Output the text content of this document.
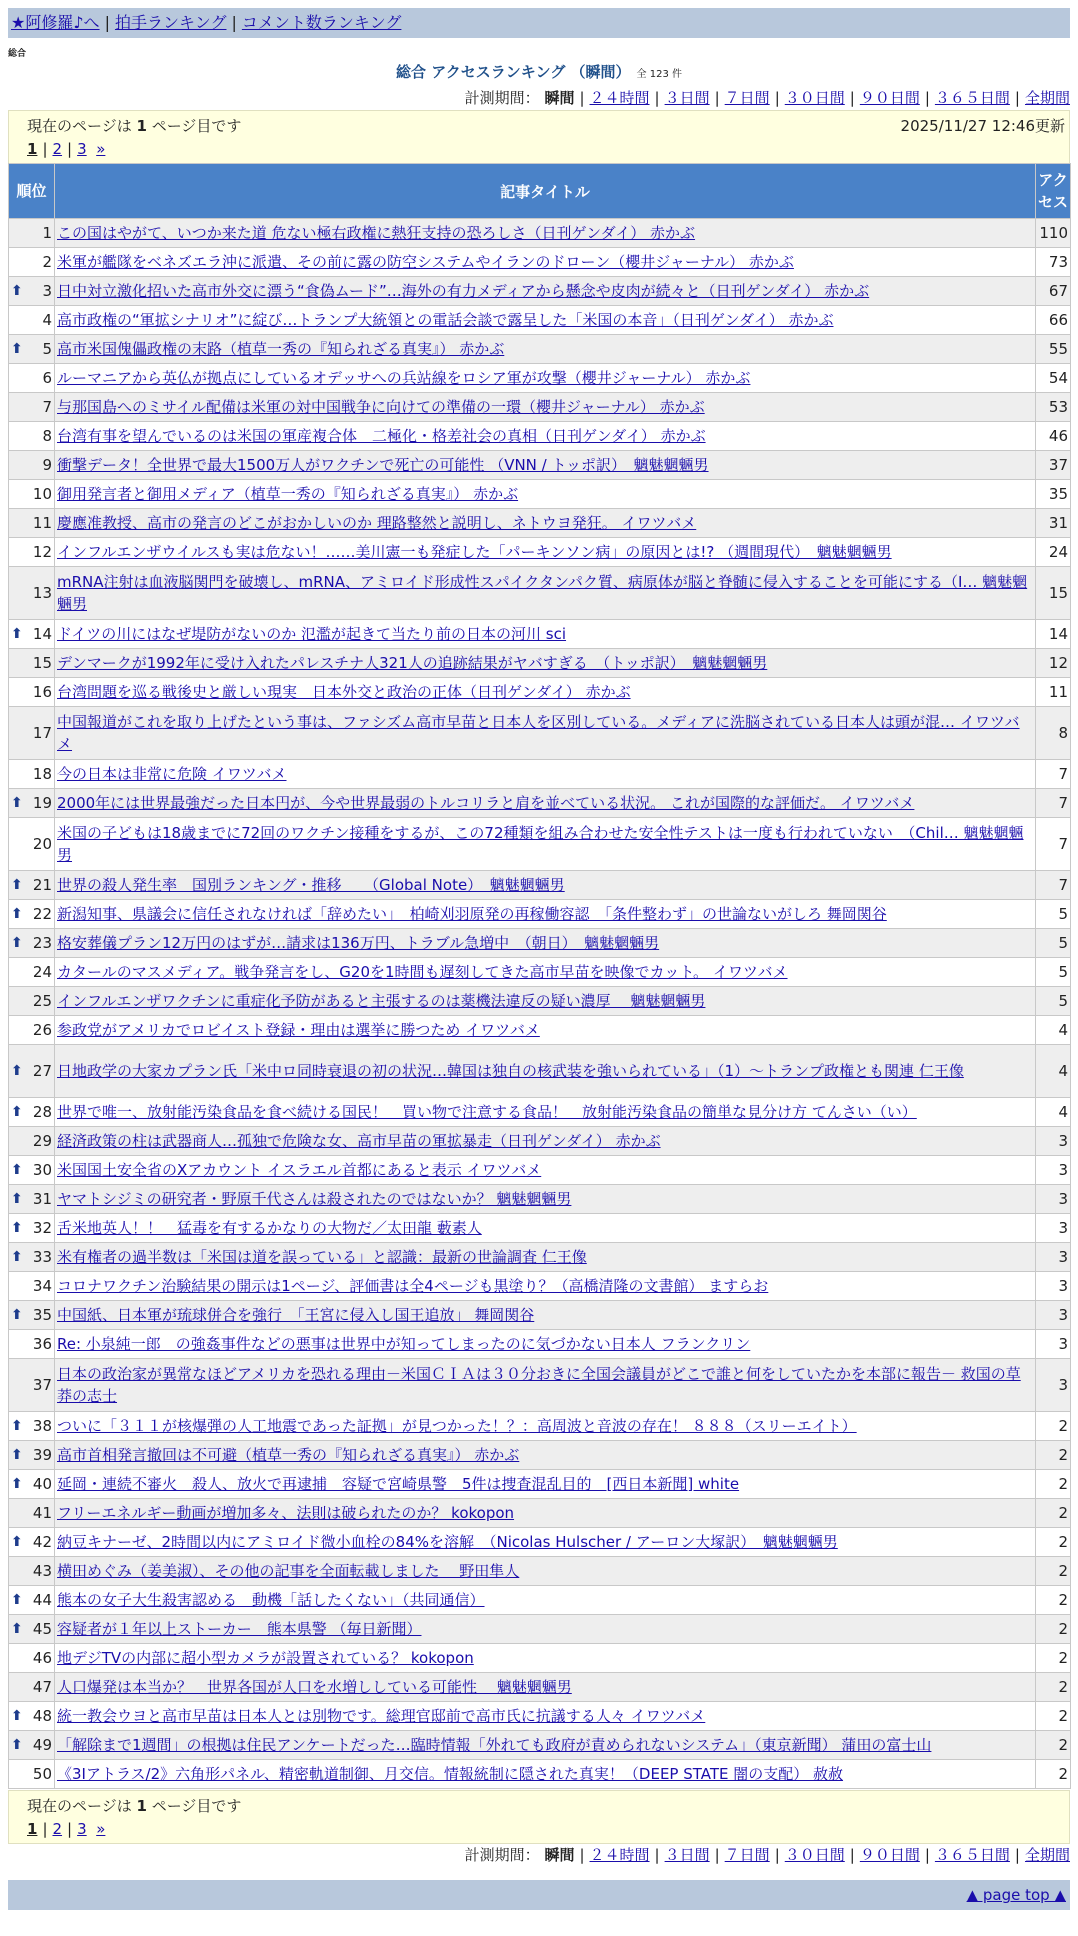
★阿修羅♪へ | 拍手ランキング | コメント数ランキング
総合
総合 アクセスランキング （瞬間） 全 123 件
計測期間： 瞬間 | ２４時間 | ３日間 | ７日間 | ３０日間 | ９０日間 | ３６５日間 | 全期間
現在のページは 1 ページ目です	2025/11/27 12:46更新
1 | 2 | 3 »
順位	記事タイトル	アクセス
1	この国はやがて、いつか来た道 危ない極右政権に熱狂支持の恐ろしさ（日刊ゲンダイ） 赤かぶ	110
2	米軍が艦隊をベネズエラ沖に派遣、その前に露の防空システムやイランのドローン（櫻井ジャーナル） 赤かぶ	73

⬆ 3	日中対立激化招いた高市外交に漂う“食偽ムード”…海外の有力メディアから懸念や皮肉が続々と（日刊ゲンダイ） 赤かぶ	67
4	高市政権の“軍拡シナリオ”に綻び…トランプ大統領との電話会談で露呈した「米国の本音」（日刊ゲンダイ） 赤かぶ	66

⬆ 5	高市米国傀儡政権の末路（植草一秀の『知られざる真実』） 赤かぶ	55
6	ルーマニアから英仏が拠点にしているオデッサへの兵站線をロシア軍が攻撃（櫻井ジャーナル） 赤かぶ	54
7	与那国島へのミサイル配備は米軍の対中国戦争に向けての準備の一環（櫻井ジャーナル） 赤かぶ	53
8	台湾有事を望んでいるのは米国の軍産複合体　二極化・格差社会の真相（日刊ゲンダイ） 赤かぶ	46
9	衝撃データ！全世界で最大1500万人がワクチンで死亡の可能性 （VNN / トッポ訳）　魑魅魍魎男	37
10	御用発言者と御用メディア（植草一秀の『知られざる真実』） 赤かぶ	35
11	慶應准教授、高市の発言のどこがおかしいのか 理路整然と説明し、ネトウヨ発狂。 イワツバメ	31
12	インフルエンザウイルスも実は危ない！……美川憲一も発症した「パーキンソン病」の原因とは!? （週間現代）　魑魅魍魎男	24
13	mRNA注射は血液脳関門を破壊し、mRNA、アミロイド形成性スパイクタンパク質、病原体が脳と脊髄に侵入することを可能にする（I… 魑魅魍魎男	15

⬆ 14	ドイツの川にはなぜ堤防がないのか 氾濫が起きて当たり前の日本の河川 sci	14
15	デンマークが1992年に受け入れたパレスチナ人321人の追跡結果がヤバすぎる　（トッポ訳）　魑魅魍魎男	12
16	台湾問題を巡る戦後史と厳しい現実　日本外交と政治の正体（日刊ゲンダイ） 赤かぶ	11
17	中国報道がこれを取り上げたという事は、ファシズム高市早苗と日本人を区別している。メディアに洗脳されている日本人は頭が混… イワツバメ	8
18	今の日本は非常に危険 イワツバメ	7

⬆ 19	2000年には世界最強だった日本円が、今や世界最弱のトルコリラと肩を並べている状況。 これが国際的な評価だ。 イワツバメ	7
20	米国の子どもは18歳までに72回のワクチン接種をするが、この72種類を組み合わせた安全性テストは一度も行われていない　（Chil… 魑魅魍魎男	7

⬆ 21	世界の殺人発生率　国別ランキング・推移　　（Global Note）　魑魅魍魎男	7

⬆ 22	新潟知事、県議会に信任されなければ「辞めたい」　柏崎刈羽原発の再稼働容認　「条件整わず」の世論ないがしろ 舞岡関谷	5

⬆ 23	格安葬儀プラン12万円のはずが…請求は136万円、トラブル急増中　（朝日）　魑魅魍魎男	5
24	カタールのマスメディア。戦争発言をし、G20を1時間も遅刻してきた高市早苗を映像でカット。 イワツバメ	5
25	インフルエンザワクチンに重症化予防があると主張するのは薬機法違反の疑い濃厚　 魑魅魍魎男	5
26	参政党がアメリカでロビイスト登録・理由は選挙に勝つため イワツバメ	4

⬆ 27	日地政学の大家カプラン氏「米中ロ同時衰退の初の状況…韓国は独自の核武装を強いられている」（1）～トランプ政権とも関連 仁王像	4

⬆ 28	世界で唯一、放射能汚染食品を食べ続ける国民！　買い物で注意する食品！　放射能汚染食品の簡単な見分け方 てんさい（い）	4
29	経済政策の柱は武器商人…孤独で危険な女、高市早苗の軍拡暴走（日刊ゲンダイ） 赤かぶ	3

⬆ 30	米国国土安全省のXアカウント イスラエル首都にあると表示 イワツバメ	3

⬆ 31	ヤマトシジミの研究者・野原千代さんは殺されたのではないか？ 魑魅魍魎男	3

⬆ 32	舌米地英人！！　猛毒を有するかなりの大物だ／太田龍 藪素人	3

⬆ 33	米有権者の過半数は「米国は道を誤っている」と認識：最新の世論調査 仁王像	3
34	コロナワクチン治験結果の開示は1ページ、評価書は全4ページも黒塗り？（高橋清隆の文書館） ますらお	3

⬆ 35	中国紙、日本軍が琉球併合を強行　「王宮に侵入し国王追放」 舞岡関谷	3
36	Re: 小泉純一郎　の強姦事件などの悪事は世界中が知ってしまったのに気づかない日本人 フランクリン	3
37	日本の政治家が異常なほどアメリカを恐れる理由－米国ＣＩＡは３０分おきに全国会議員がどこで誰と何をしていたかを本部に報告－ 救国の草莽の志士	3

⬆ 38	ついに「３１１が核爆弾の人工地震であった証拠」が見つかった！？：高周波と音波の存在！ ８８８（スリーエイト）	2

⬆ 39	高市首相発言撤回は不可避（植草一秀の『知られざる真実』） 赤かぶ	2

⬆ 40	延岡・連続不審火　殺人、放火で再逮捕　容疑で宮崎県警　5件は捜査混乱目的　[西日本新聞] white	2
41	フリーエネルギー動画が増加多々、法則は破られたのか？ kokopon	2

⬆ 42	納豆キナーゼ、2時間以内にアミロイド微小血栓の84%を溶解　（Nicolas Hulscher / アーロン大塚訳）　魑魅魍魎男	2
43	横田めぐみ（姜美淑）、その他の記事を全面転載しました　 野田隼人	2

⬆ 44	熊本の女子大生殺害認める　動機「話したくない」（共同通信）	2

⬆ 45	容疑者が１年以上ストーカー　熊本県警 （毎日新聞）	2
46	地デジTVの内部に超小型カメラが設置されている？ kokopon	2
47	人口爆発は本当か？　世界各国が人口を水増ししている可能性　 魑魅魍魎男	2

⬆ 48	統一教会ウヨと高市早苗は日本人とは別物です。総理官邸前で高市氏に抗議する人々 イワツバメ	2

⬆ 49	「解除まで1週間」の根拠は住民アンケートだった…臨時情報「外れても政府が責められないシステム」（東京新聞） 蒲田の富士山	2
50	《3Iアトラス/2》六角形パネル、精密軌道制御、月交信。情報統制に隠された真実！（DEEP STATE 闇の支配） 赦赦	2
計測期間： 瞬間 | ２４時間 | ３日間 | ７日間 | ３０日間 | ９０日間 | ３６５日間 | 全期間
現在のページは 1 ページ目です
1 | 2 | 3 »
▲ page top ▲
